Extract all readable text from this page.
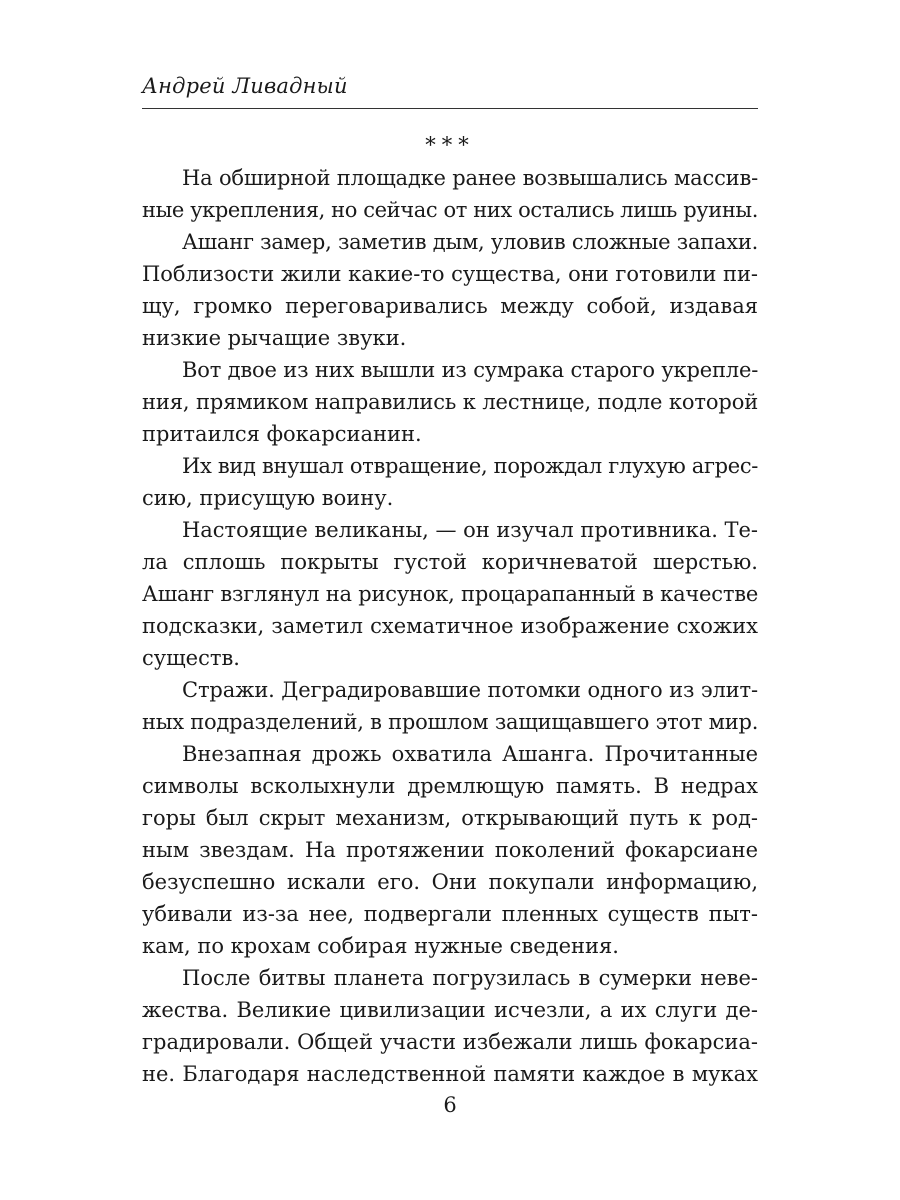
Андрей Ливадный
***

На обширной площадке ранее возвышались массив-
ные укрепления, но сейчас от них остались лишь руины.

Ашанг замер, заметив дым, уловив сложные запахи.
Поблизости жили какие-то существа, они готовили пи-
щу, громко переговаривались между собой, издавая
низкие рычащие звуки.

Вот двое из них вышли из сумрака старого укрепле-
ния, прямиком направились к лестнице, подле которой
притаился фокарсианин.

Их вид внушал отвращение, порождал глухую агрес-
сию, присущую воину.

Настоящие великаны, — он изучал противника. Те-
ла сплошь покрыты густой коричневатой шерстью.
Ашанг взглянул на рисунок, процарапанный в качестве
подсказки, заметил схематичное изображение схожих
существ.

Стражи. Деградировавшие потомки одного из элит-
ных подразделений, в прошлом защищавшего этот мир.

Внезапная дрожь охватила Ашанга. Прочитанные
символы всколыхнули дремлющую память. В недрах
горы был скрыт механизм, открывающий путь к род-
ным звездам. На протяжении поколений фокарсиане
безуспешно искали его. Они покупали информацию,
убивали из-за нее, подвергали пленных существ пыт-
кам, по крохам собирая нужные сведения.

После битвы планета погрузилась в сумерки неве-
жества. Великие цивилизации исчезли, а их слуги де-
градировали. Общей участи избежали лишь фокарсиа-
не. Благодаря наследственной памяти каждое в муках

6
